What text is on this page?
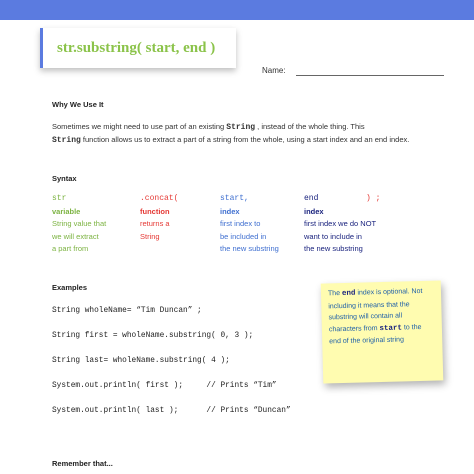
str.substring( start, end )
Name:
Why We Use It
Sometimes we might need to use part of an existing String , instead of the whole thing. This
String function allows us to extract a part of a string from the whole, using a start index and an end index.
Syntax
str
variable
String value that
we will extract
a part from
.concat(
function
returns a
String
start,
index
first index to
be included in
the new substring
end
index
first index we do NOT
want to include in
the new substring
) ;
Examples
String wholeName= “Tim Duncan” ;
String first = wholeName.substring( 0, 3 );
String last= wholeName.substring( 4 );
System.out.println( first );     // Prints “Tim”
System.out.println( last );      // Prints “Duncan”
The end index is optional. Not including it means that the substring will contain all characters from start to the end of the original string
Remember that...
